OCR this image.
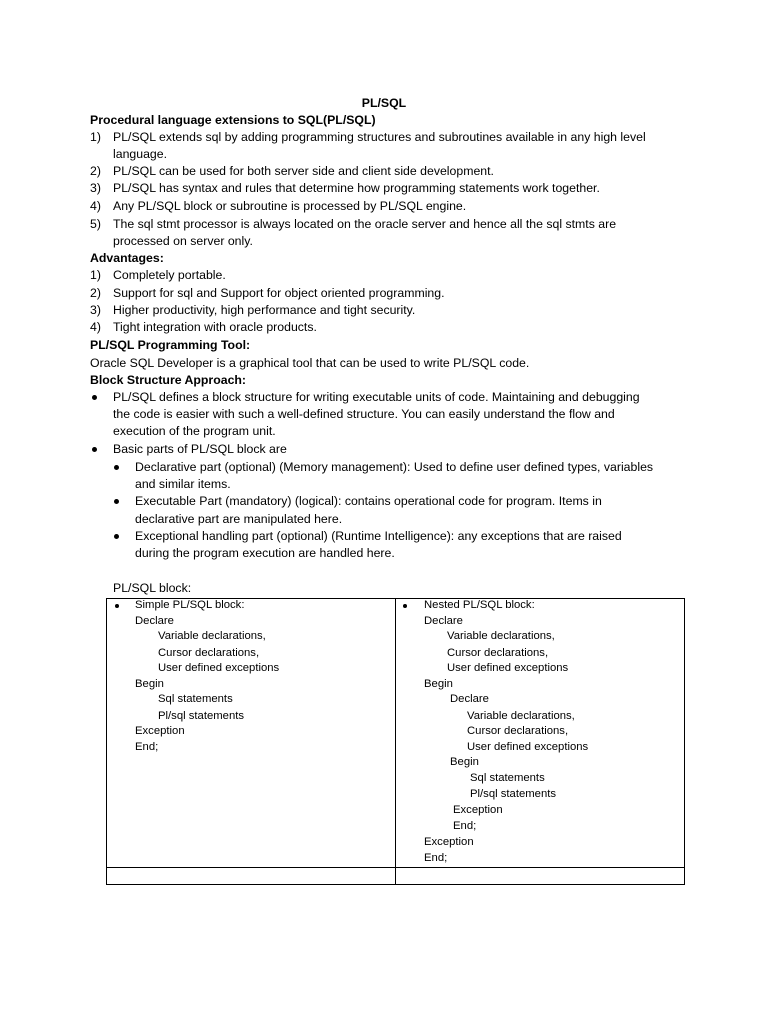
PL/SQL
Procedural language extensions to SQL(PL/SQL)
1) PL/SQL extends sql by adding programming structures and subroutines available in any high level
language.
2) PL/SQL can be used for both server side and client side development.
3) PL/SQL has syntax and rules that determine how programming statements work together.
4) Any PL/SQL block or subroutine is processed by PL/SQL engine.
5) The sql stmt processor is always located on the oracle server and hence all the sql stmts are
processed on server only.
Advantages:
1) Completely portable.
2) Support for sql and Support for object oriented programming.
3) Higher productivity, high performance and tight security.
4) Tight integration with oracle products.
PL/SQL Programming Tool:
Oracle SQL Developer is a graphical tool that can be used to write PL/SQL code.
Block Structure Approach:
PL/SQL defines a block structure for writing executable units of code. Maintaining and debugging
the code is easier with such a well-defined structure. You can easily understand the flow and
execution of the program unit.
Basic parts of PL/SQL block are
Declarative part (optional) (Memory management): Used to define user defined types, variables
and similar items.
Executable Part (mandatory) (logical): contains operational code for program. Items in
declarative part are manipulated here.
Exceptional handling part (optional) (Runtime Intelligence): any exceptions that are raised
during the program execution are handled here.
PL/SQL block:
Simple PL/SQL block:
Declare
Variable declarations,
Cursor declarations,
User defined exceptions
Begin
Sql statements
Pl/sql statements
Exception
End;
Nested PL/SQL block:
Declare
Variable declarations,
Cursor declarations,
User defined exceptions
Begin
Declare
Variable declarations,
Cursor declarations,
User defined exceptions
Begin
Sql statements
Pl/sql statements
Exception
End;
Exception
End;
